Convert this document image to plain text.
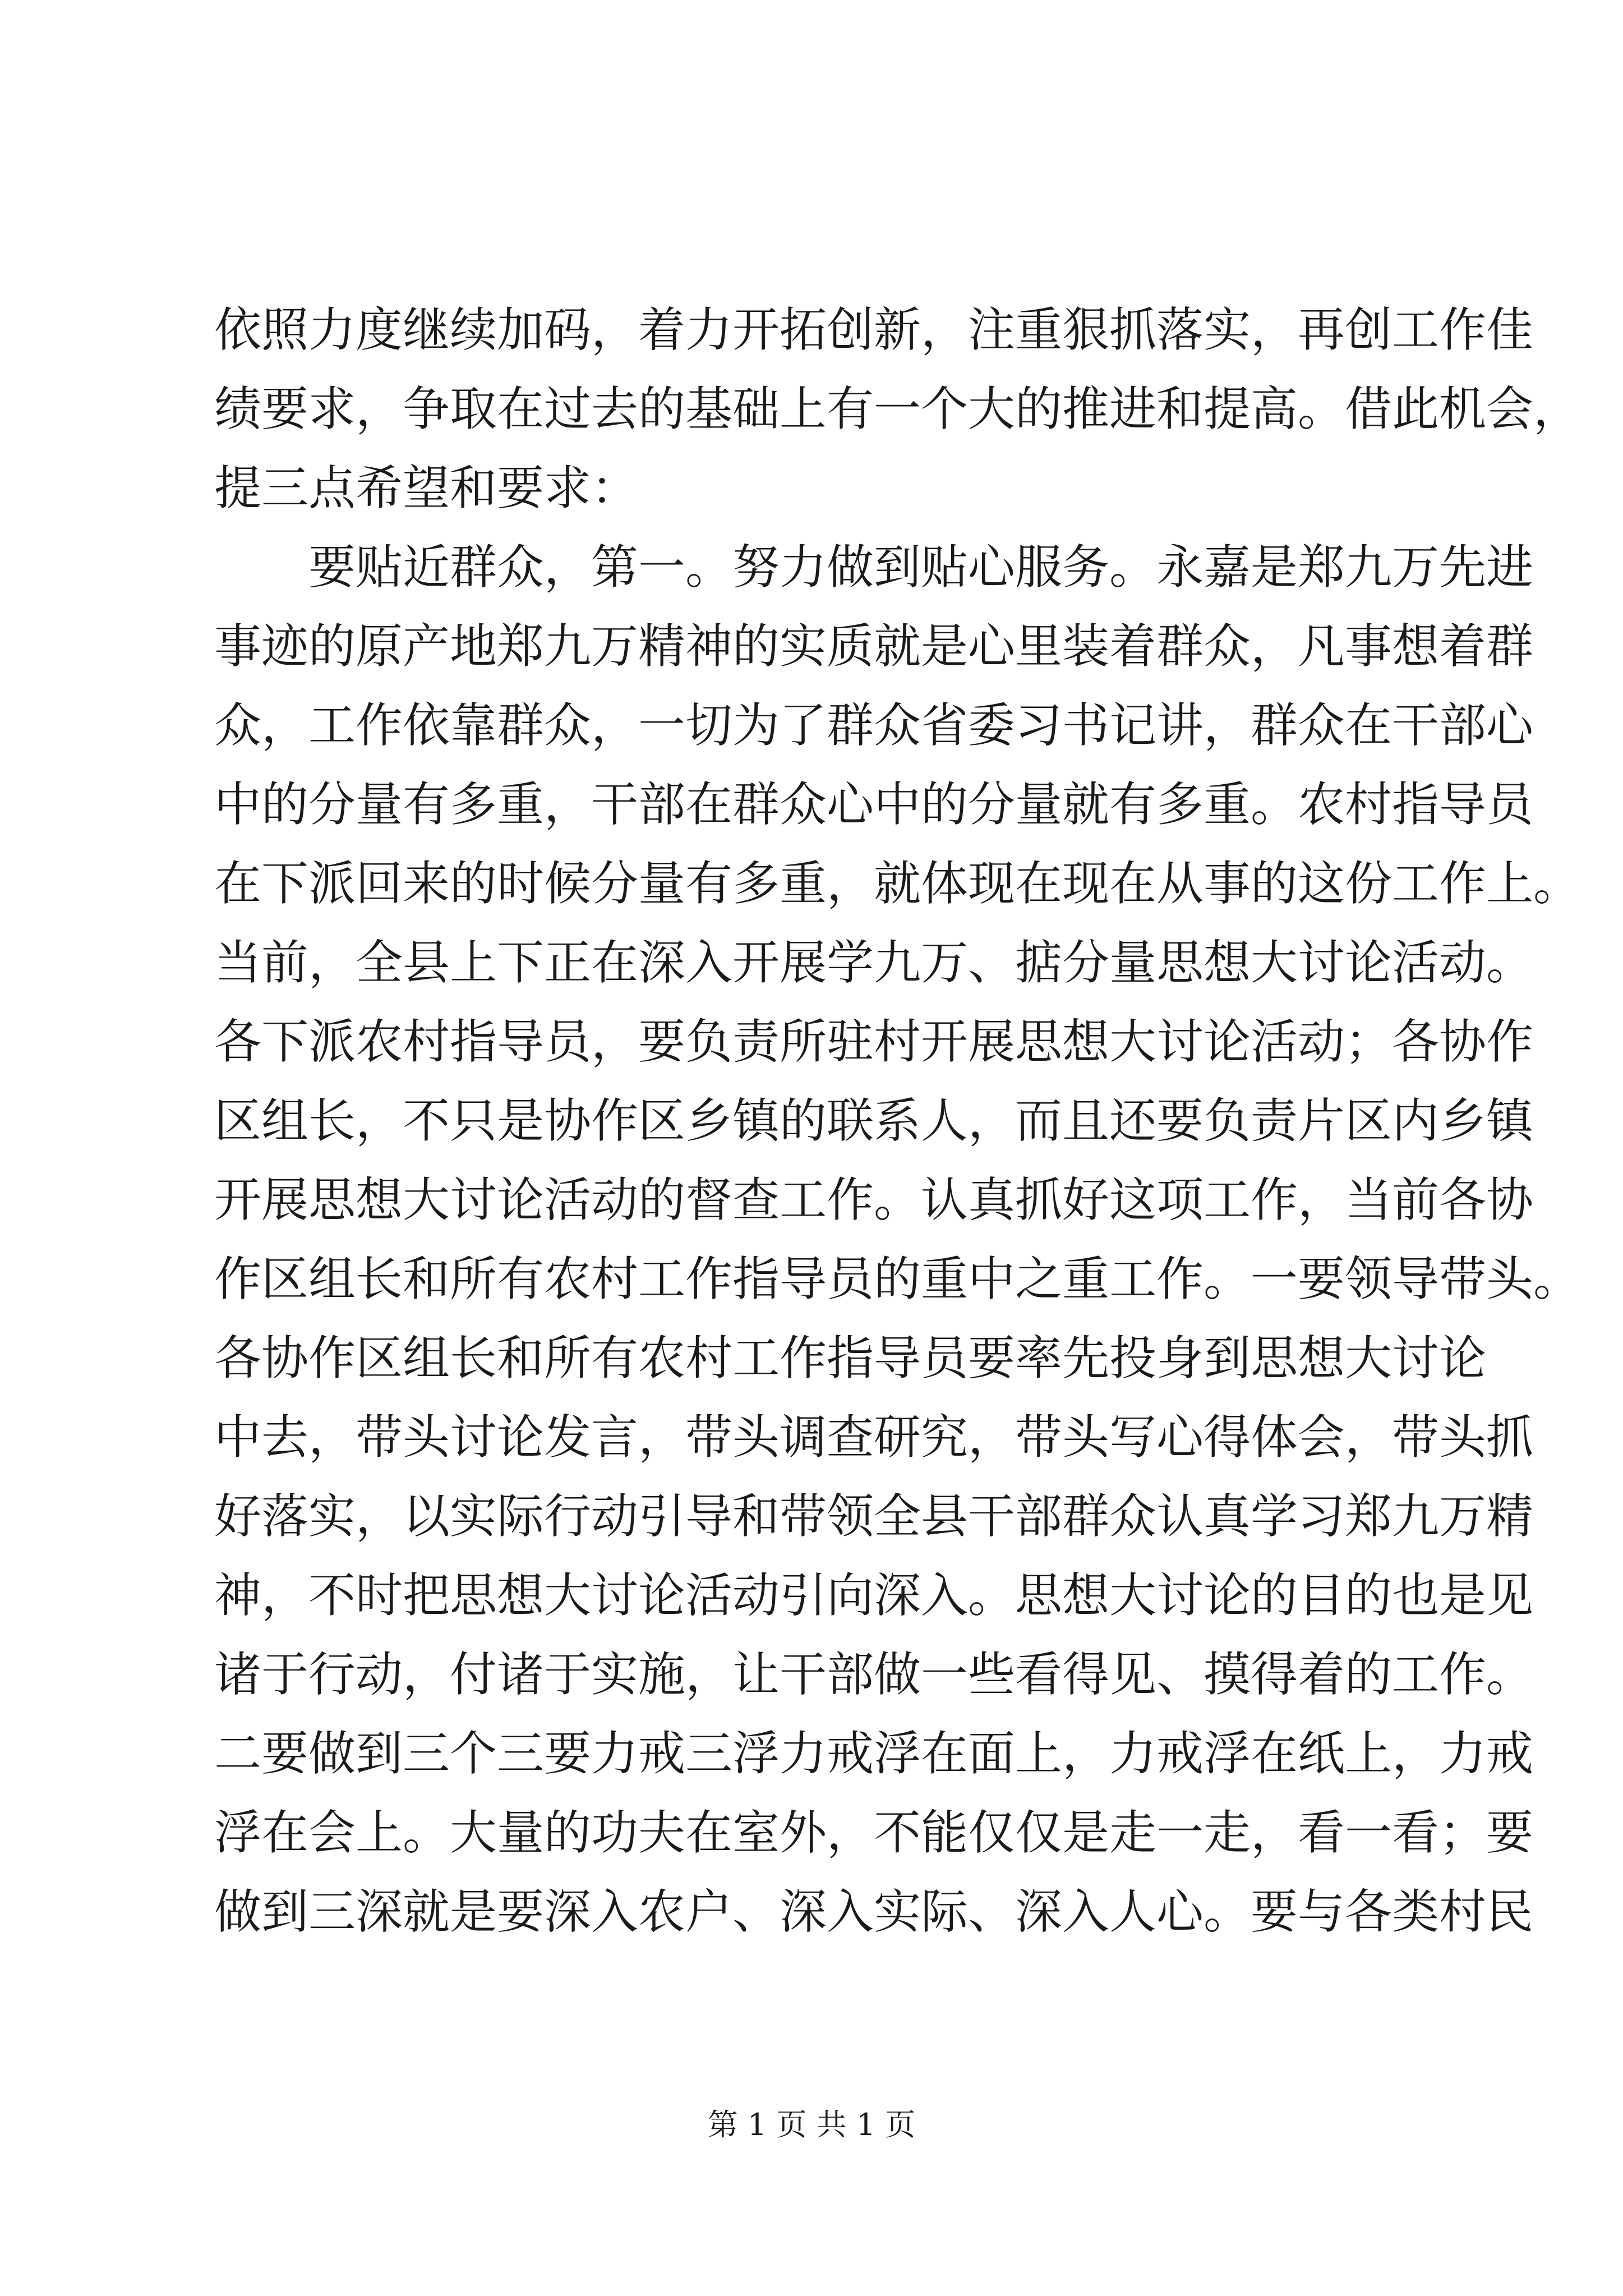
依照力度继续加码，着力开拓创新，注重狠抓落实，再创工作佳
绩要求，争取在过去的基础上有一个大的推进和提高。借此机会，
提三点希望和要求：
要贴近群众，第一。努力做到贴心服务。永嘉是郑九万先进
事迹的原产地郑九万精神的实质就是心里装着群众，凡事想着群
众，工作依靠群众，一切为了群众省委习书记讲，群众在干部心
中的分量有多重，干部在群众心中的分量就有多重。农村指导员
在下派回来的时候分量有多重，就体现在现在从事的这份工作上。
当前，全县上下正在深入开展学九万、掂分量思想大讨论活动。
各下派农村指导员，要负责所驻村开展思想大讨论活动；各协作
区组长，不只是协作区乡镇的联系人，而且还要负责片区内乡镇
开展思想大讨论活动的督查工作。认真抓好这项工作，当前各协
作区组长和所有农村工作指导员的重中之重工作。一要领导带头。
各协作区组长和所有农村工作指导员要率先投身到思想大讨论
中去，带头讨论发言，带头调查研究，带头写心得体会，带头抓
好落实，以实际行动引导和带领全县干部群众认真学习郑九万精
神，不时把思想大讨论活动引向深入。思想大讨论的目的也是见
诸于行动，付诸于实施，让干部做一些看得见、摸得着的工作。
二要做到三个三要力戒三浮力戒浮在面上，力戒浮在纸上，力戒
浮在会上。大量的功夫在室外，不能仅仅是走一走，看一看；要
做到三深就是要深入农户、深入实际、深入人心。要与各类村民
第 1 页 共 1 页
